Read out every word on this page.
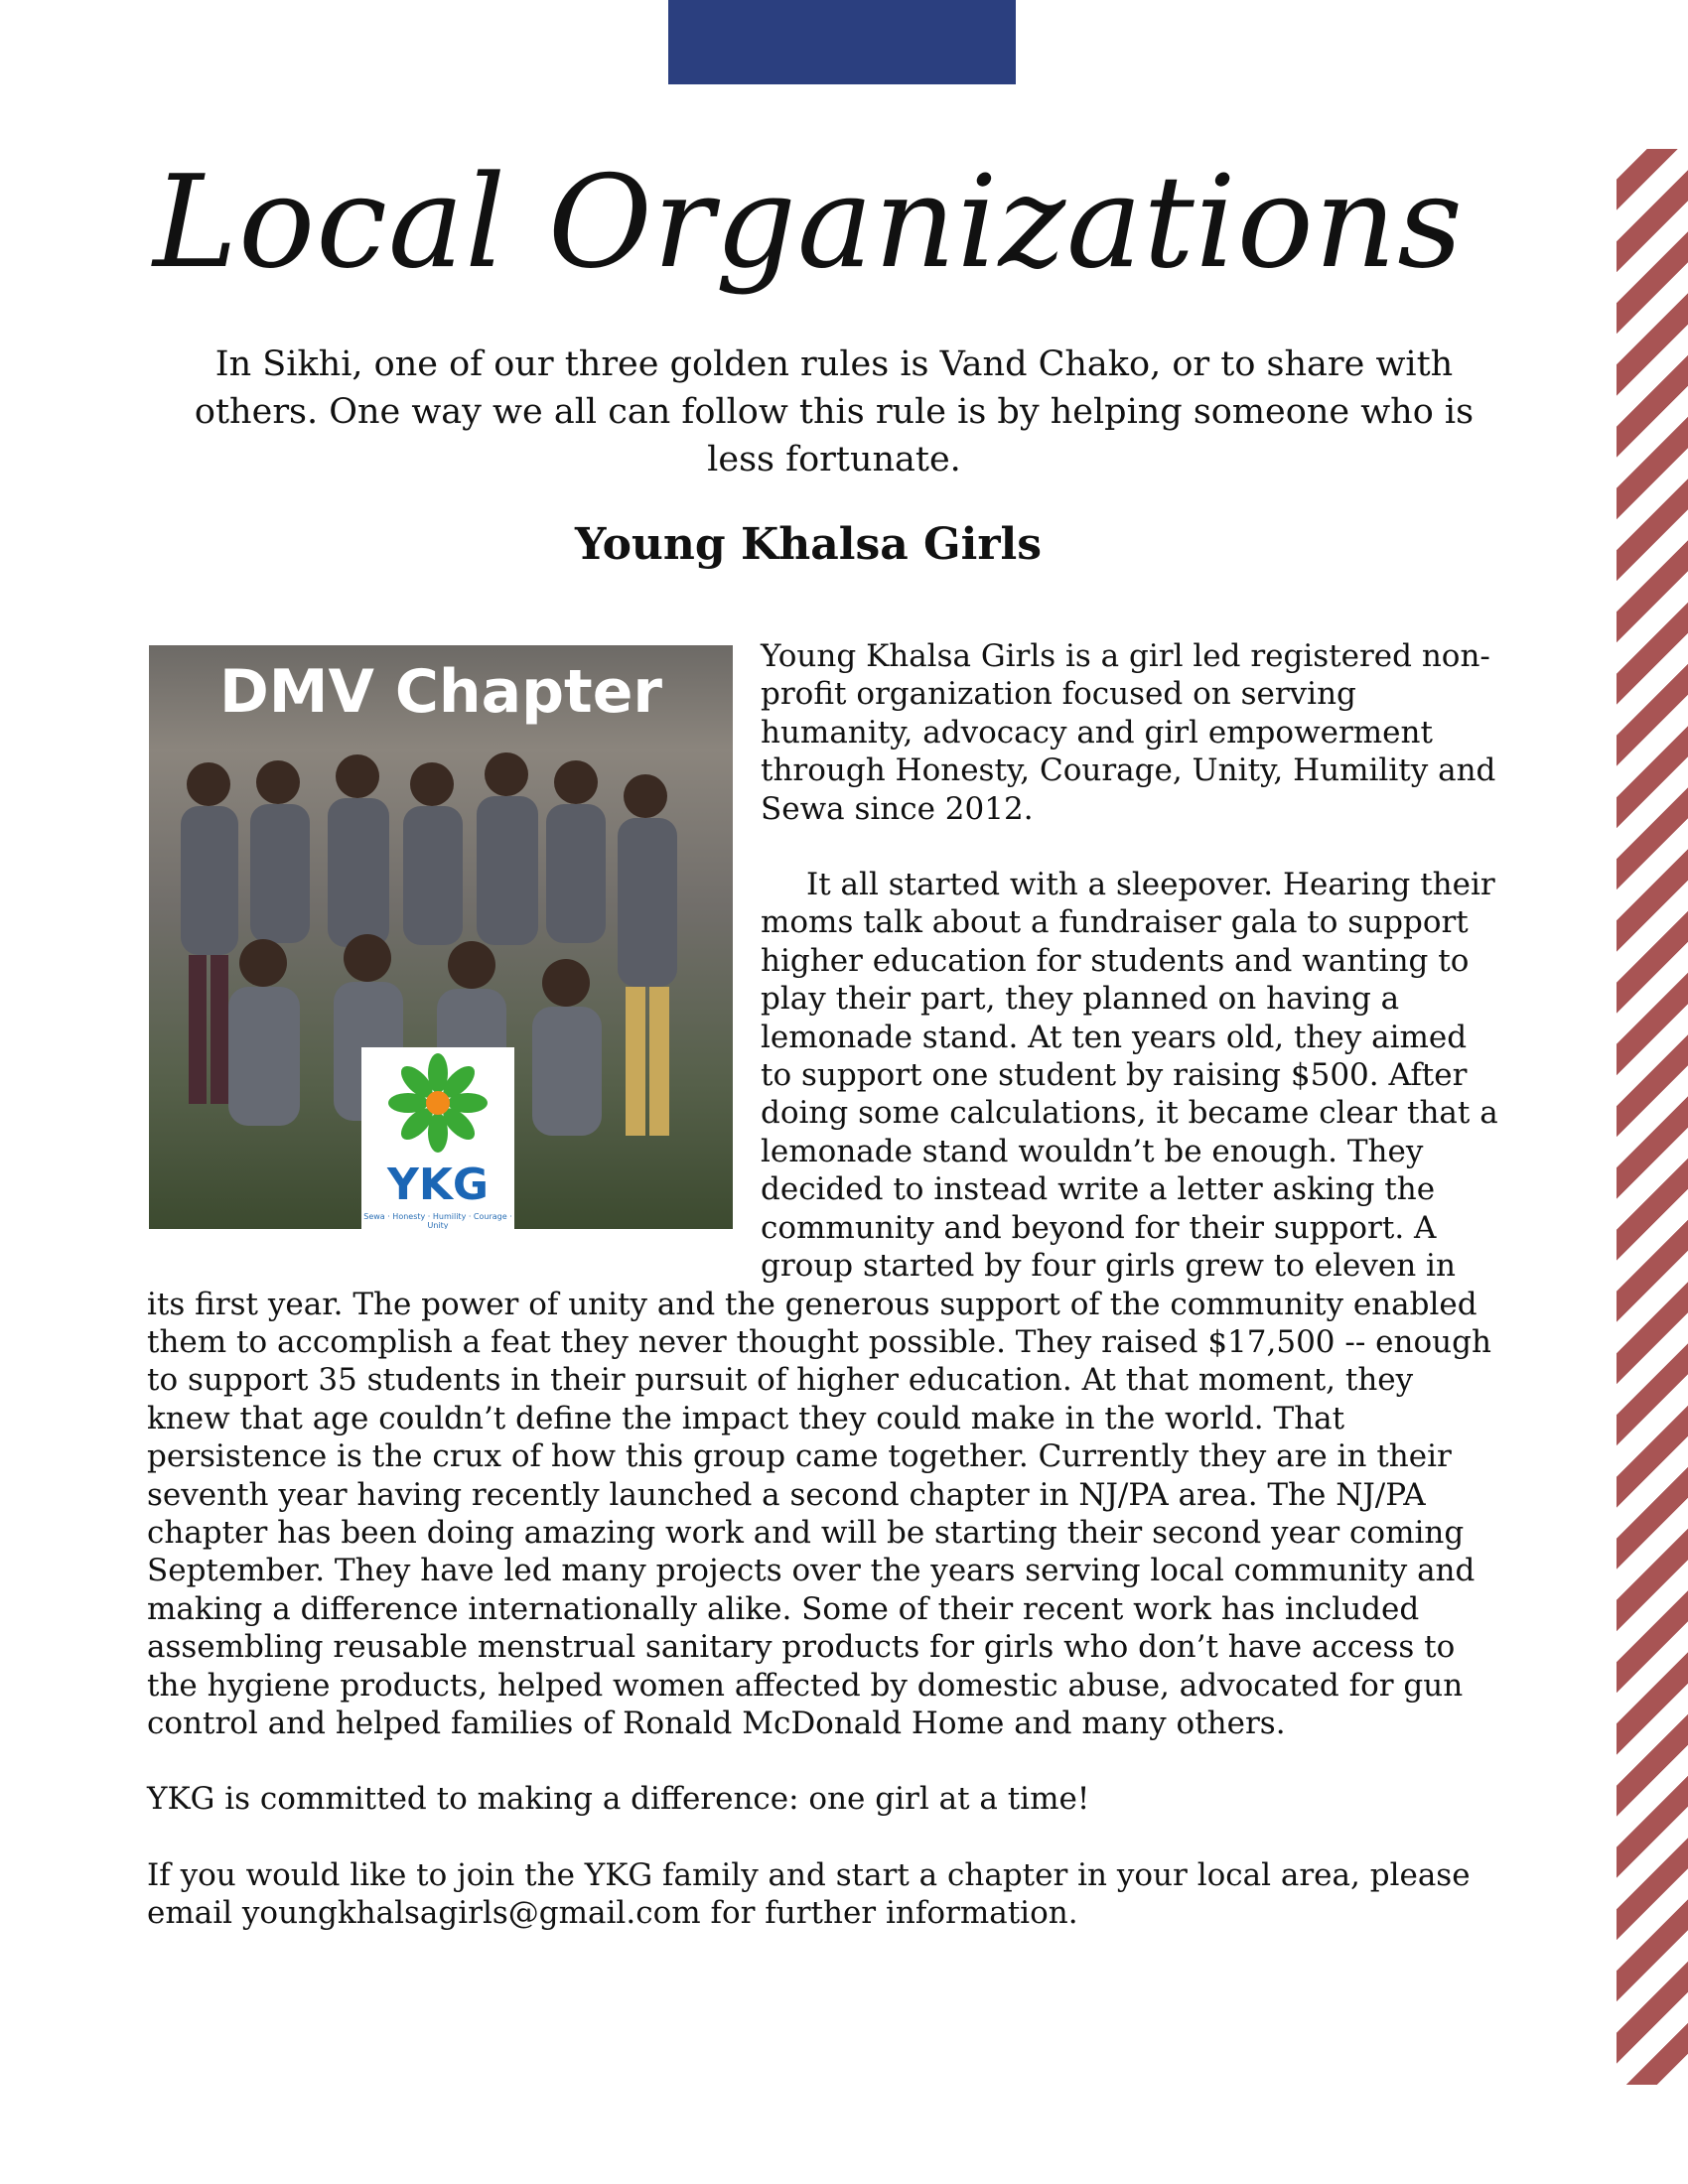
Local Organizations

In Sikhi, one of our three golden rules is Vand Chako, or to share with others. One way we all can follow this rule is by helping someone who is less fortunate.

Young Khalsa Girls
DMV Chapter
YKG
Sewa · Honesty · Humility · Courage · Unity

Young Khalsa Girls is a girl led registered non-profit organization focused on serving humanity, advocacy and girl empowerment through Honesty, Courage, Unity, Humility and Sewa since 2012.

It all started with a sleepover. Hearing their moms talk about a fundraiser gala to support higher education for students and wanting to play their part, they planned on having a lemonade stand. At ten years old, they aimed to support one student by raising $500. After doing some calculations, it became clear that a lemonade stand wouldn’t be enough. They decided to instead write a letter asking the community and beyond for their support. A group started by four girls grew to eleven in its first year. The power of unity and the generous support of the community enabled them to accomplish a feat they never thought possible. They raised $17,500 -- enough to support 35 students in their pursuit of higher education. At that moment, they knew that age couldn’t define the impact they could make in the world. That persistence is the crux of how this group came together. Currently they are in their seventh year having recently launched a second chapter in NJ/PA area. The NJ/PA chapter has been doing amazing work and will be starting their second year coming September. They have led many projects over the years serving local community and making a difference internationally alike. Some of their recent work has included assembling reusable menstrual sanitary products for girls who don’t have access to the hygiene products, helped women affected by domestic abuse, advocated for gun control and helped families of Ronald McDonald Home and many others.

YKG is committed to making a difference: one girl at a time!

If you would like to join the YKG family and start a chapter in your local area, please email youngkhalsagirls@gmail.com for further information.
